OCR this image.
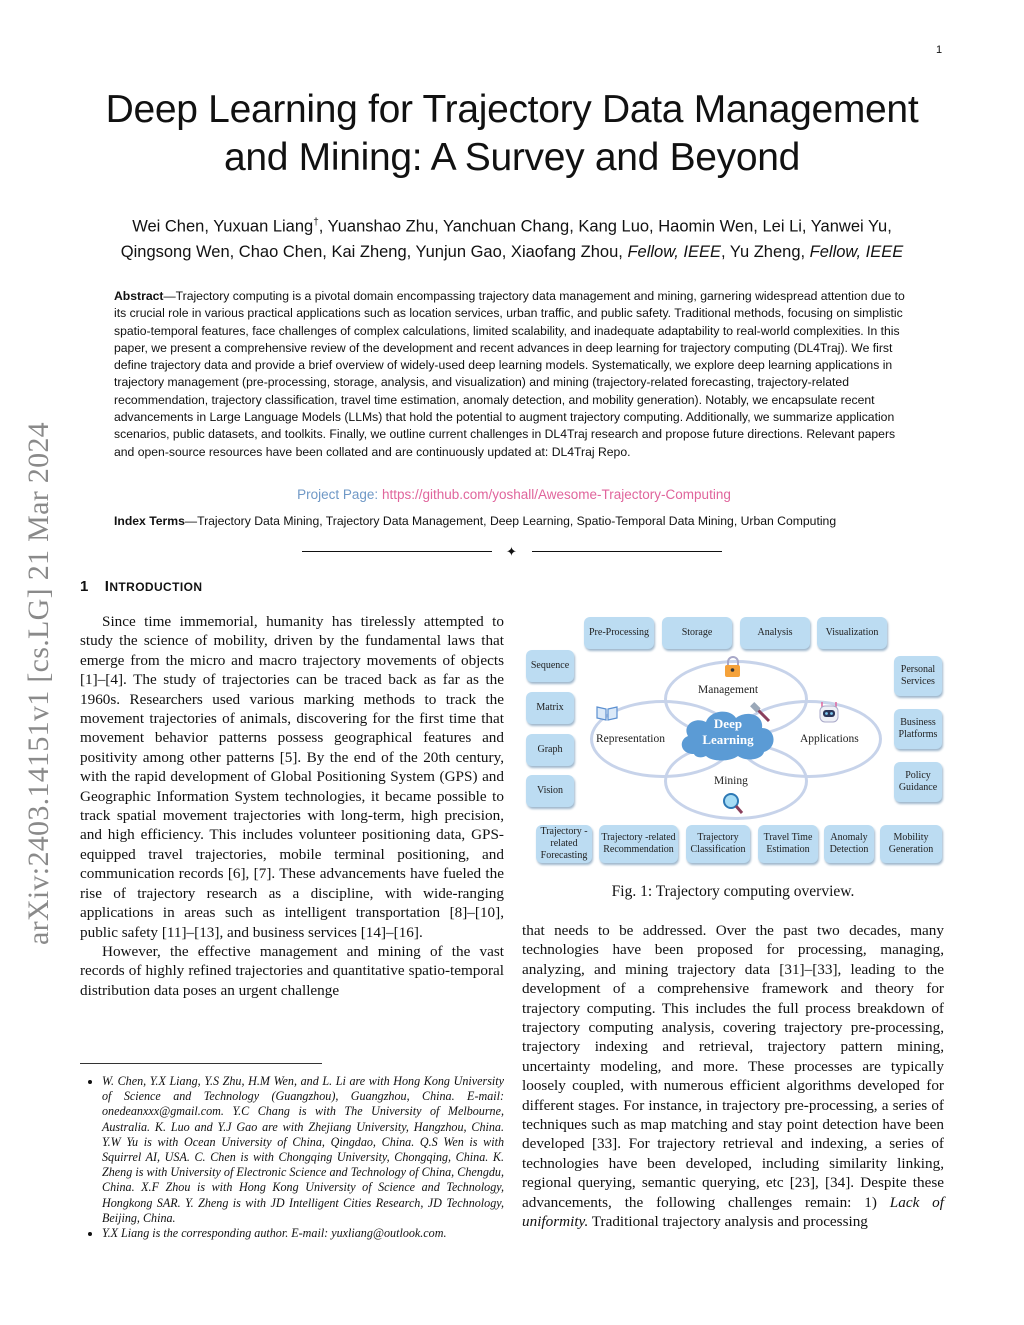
1
Deep Learning for Trajectory Data Management
and Mining: A Survey and Beyond
Wei Chen, Yuxuan Liang†, Yuanshao Zhu, Yanchuan Chang, Kang Luo, Haomin Wen, Lei Li, Yanwei Yu,
Qingsong Wen, Chao Chen, Kai Zheng, Yunjun Gao, Xiaofang Zhou, Fellow, IEEE, Yu Zheng, Fellow, IEEE
Abstract—Trajectory computing is a pivotal domain encompassing trajectory data management and mining, garnering widespread attention due to its crucial role in various practical applications such as location services, urban traffic, and public safety. Traditional methods, focusing on simplistic spatio-temporal features, face challenges of complex calculations, limited scalability, and inadequate adaptability to real-world complexities. In this paper, we present a comprehensive review of the development and recent advances in deep learning for trajectory computing (DL4Traj). We first define trajectory data and provide a brief overview of widely-used deep learning models. Systematically, we explore deep learning applications in trajectory management (pre-processing, storage, analysis, and visualization) and mining (trajectory-related forecasting, trajectory-related recommendation, trajectory classification, travel time estimation, anomaly detection, and mobility generation). Notably, we encapsulate recent advancements in Large Language Models (LLMs) that hold the potential to augment trajectory computing. Additionally, we summarize application scenarios, public datasets, and toolkits. Finally, we outline current challenges in DL4Traj research and propose future directions. Relevant papers and open-source resources have been collated and are continuously updated at: DL4Traj Repo.
Project Page: https://github.com/yoshall/Awesome-Trajectory-Computing
Index Terms—Trajectory Data Mining, Trajectory Data Management, Deep Learning, Spatio-Temporal Data Mining, Urban Computing
✦
1 INTRODUCTION
arXiv:2403.14151v1 [cs.LG] 21 Mar 2024	Since time immemorial, humanity has tirelessly attempted to study the science of mobility, driven by the fundamental laws that emerge from the micro and macro trajectory movements of objects [1]–[4]. The study of trajectories can be traced back as far as the 1960s. Researchers used various marking methods to track the movement trajectories of animals, discovering for the first time that movement behavior patterns possess geographical features and positivity among other patterns [5]. By the end of the 20th century, with the rapid development of Global Positioning System (GPS) and Geographic Information System technologies, it became possible to track spatial movement trajectories with long-term, high precision, and high efficiency. This includes volunteer positioning data, GPS-equipped travel trajectories, mobile terminal positioning, and communication records [6], [7]. These advancements have fueled the rise of trajectory research as a discipline, with wide-ranging applications in areas such as intelligent transportation [8]–[10], public safety [11]–[13], and business services [14]–[16].

However, the effective management and mining of the vast records of highly refined trajectories and quantitative spatio-temporal distribution data poses an urgent challenge

• W. Chen, Y.X Liang, Y.S Zhu, H.M Wen, and L. Li are with Hong Kong University of Science and Technology (Guangzhou), Guangzhou, China. E-mail: onedeanxxx@gmail.com. Y.C Chang is with The University of Melbourne, Australia. K. Luo and Y.J Gao are with Zhejiang University, Hangzhou, China. Y.W Yu is with Ocean University of China, Qingdao, China. Q.S Wen is with Squirrel AI, USA. C. Chen is with Chongqing University, Chongqing, China. K. Zheng is with University of Electronic Science and Technology of China, Chengdu, China. X.F Zhou is with Hong Kong University of Science and Technology, Hongkong SAR. Y. Zheng is with JD Intelligent Cities Research, JD Technology, Beijing, China.
• Y.X Liang is the corresponding author. E-mail: yuxliang@outlook.com.
Pre-Processing	Storage	Analysis	Visualization
Sequence
Matrix
Graph
Vision
Personal Services
Business Platforms
Policy Guidance
Management
Representation	Applications
Mining
Deep
Learning
Trajectory -related Forecasting
Trajectory -related Recommendation
Trajectory Classification
Travel Time Estimation
Anomaly Detection
Mobility Generation
Fig. 1: Trajectory computing overview.

that needs to be addressed. Over the past two decades, many technologies have been proposed for processing, managing, analyzing, and mining trajectory data [31]–[33], leading to the development of a comprehensive framework and theory for trajectory computing. This includes the full process breakdown of trajectory computing analysis, covering trajectory pre-processing, trajectory indexing and retrieval, trajectory pattern mining, uncertainty modeling, and more. These processes are typically loosely coupled, with numerous efficient algorithms developed for different stages. For instance, in trajectory pre-processing, a series of techniques such as map matching and stay point detection have been developed [33]. For trajectory retrieval and indexing, a series of technologies have been developed, including similarity linking, regional querying, semantic querying, etc [23], [34]. Despite these advancements, the following challenges remain: 1) Lack of uniformity. Traditional trajectory analysis and processing
